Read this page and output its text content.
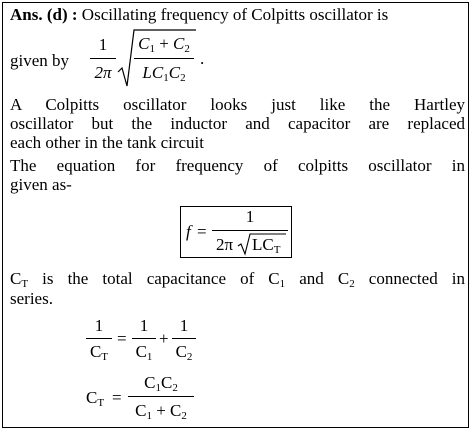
Ans. (d) : Oscillating frequency of Colpitts oscillator is
given by
1
2π
$C_1 + C_2$
$LC_1C_2$
.
A Colpitts oscillator looks just like the Hartley
oscillator but the inductor and capacitor are replaced
each other in the tank circuit
The equation for frequency of colpitts oscillator in
given as-
f =
1
2π $LC_T$
$C_T$ is the total capacitance of $C_1$ and $C_2$ connected in
series.
1
$C_T$
=
1
$C_1$
+
1
$C_2$
$C_T$ =
$C_1C_2$
$C_1 + C_2$
